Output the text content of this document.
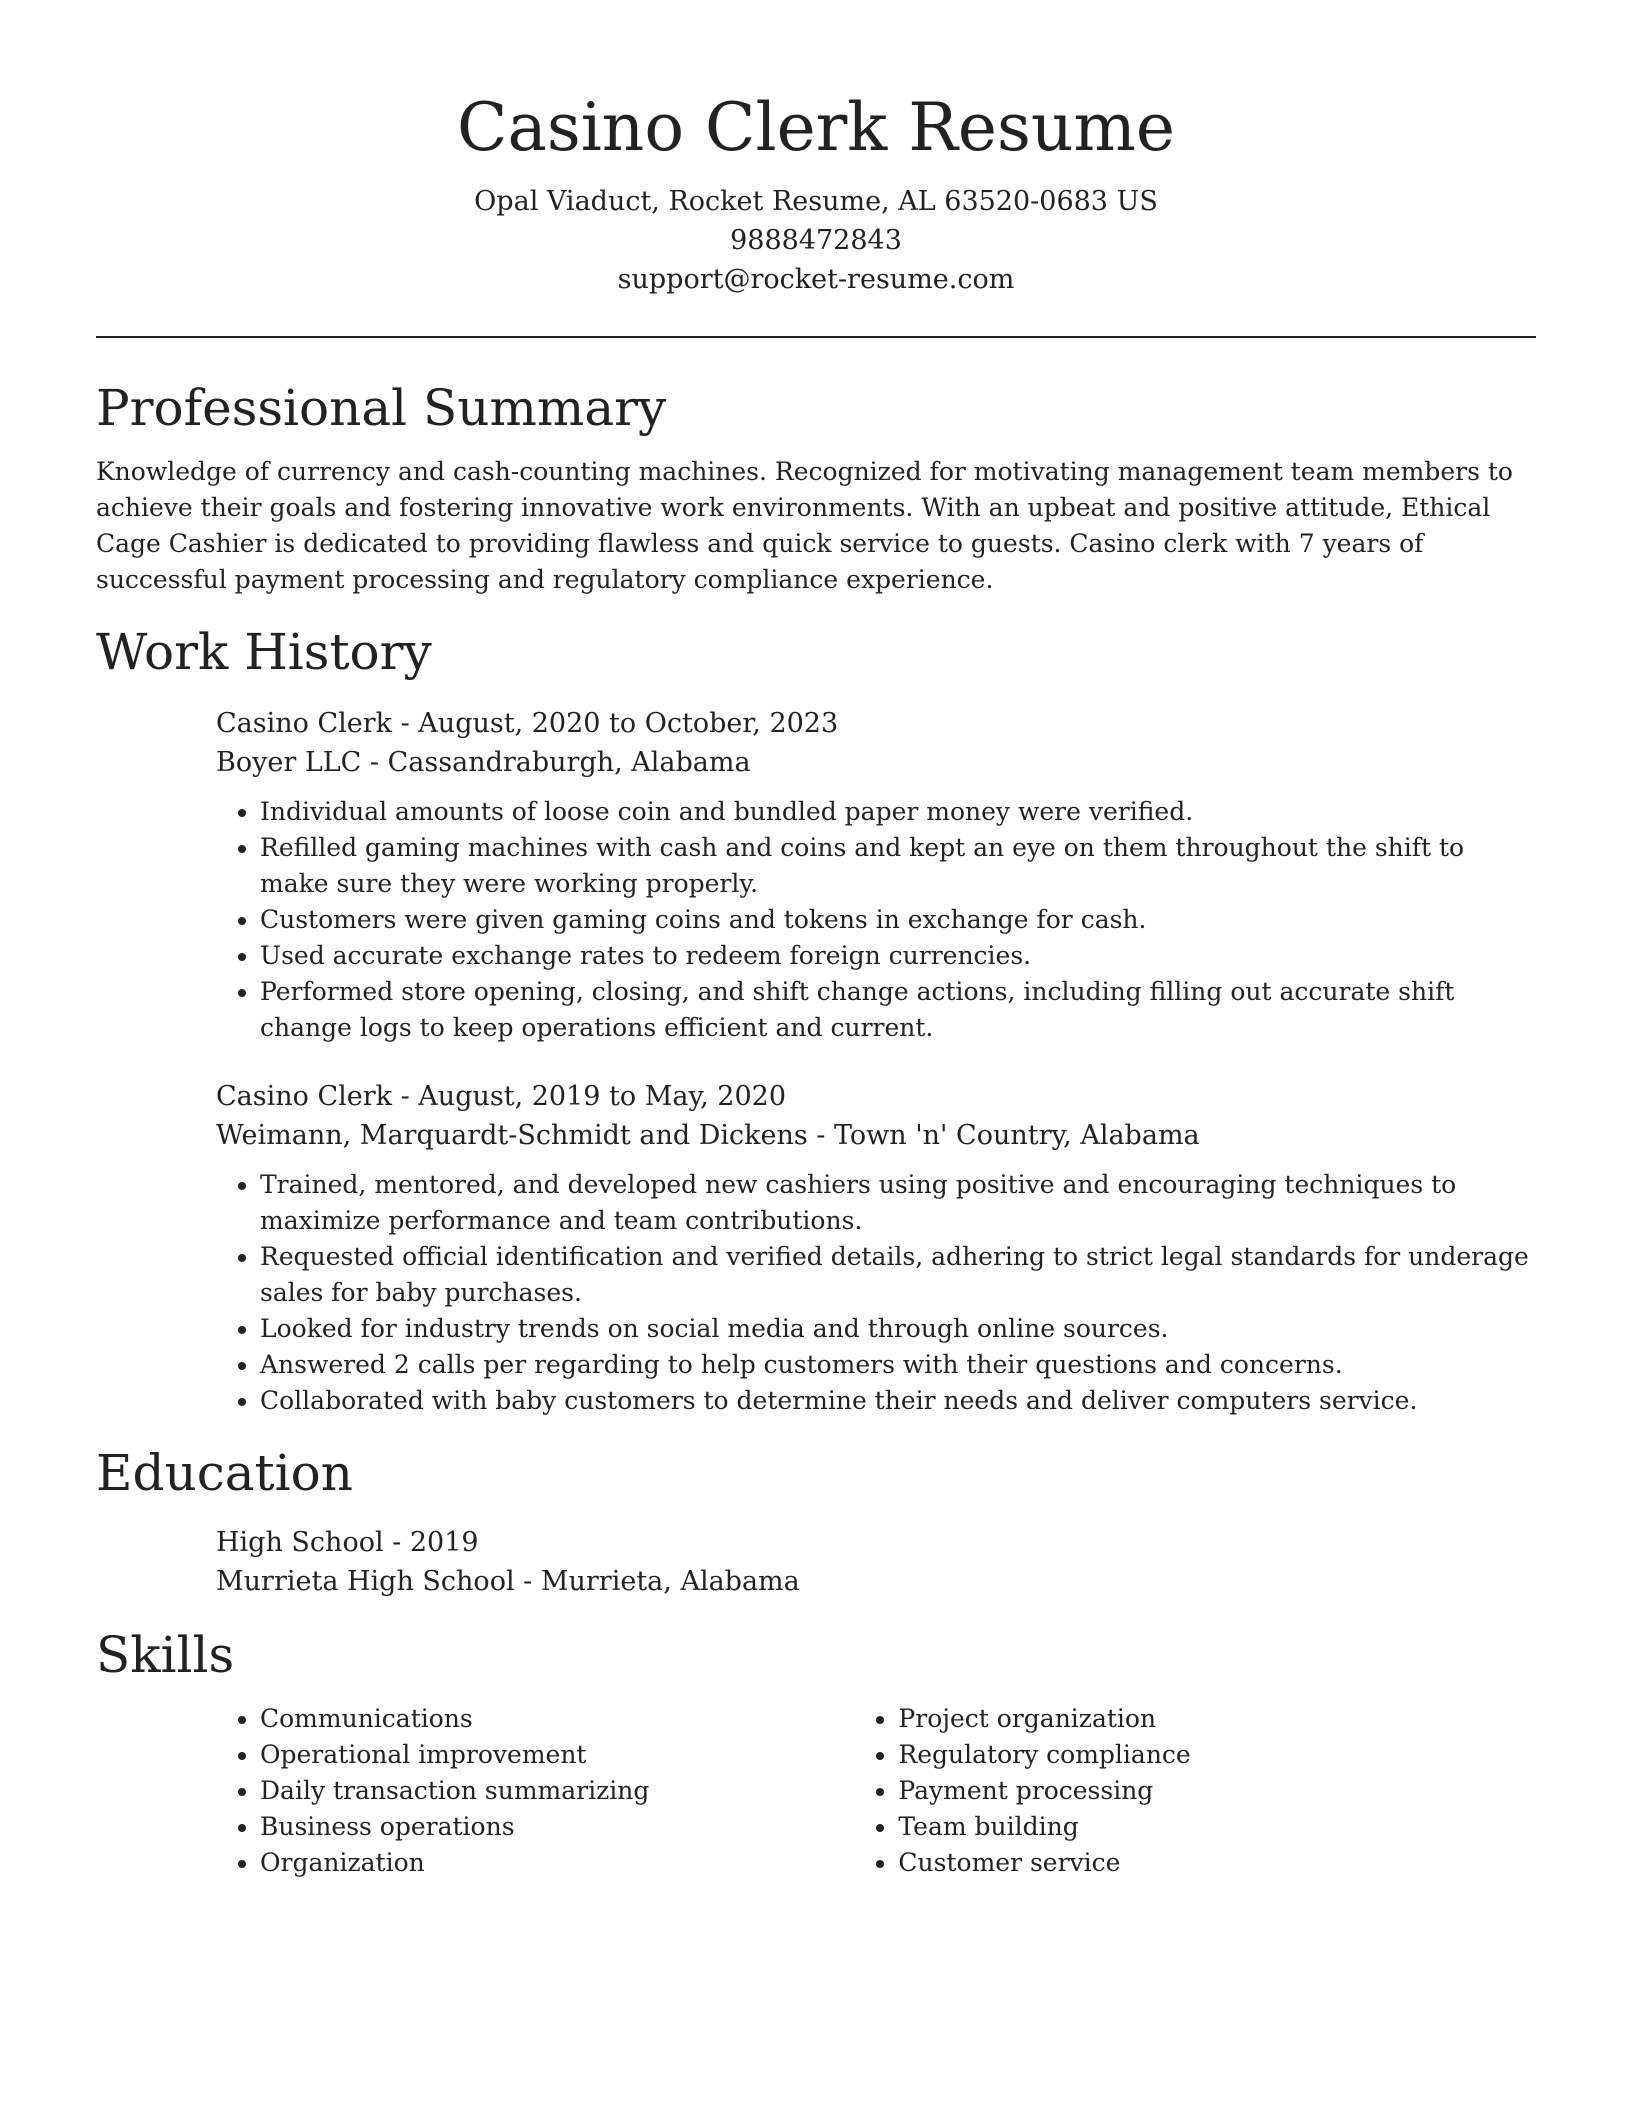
Casino Clerk Resume
Opal Viaduct, Rocket Resume, AL 63520-0683 US
9888472843
support@rocket-resume.com
Professional Summary

Knowledge of currency and cash-counting machines. Recognized for motivating management team members to achieve their goals and fostering innovative work environments. With an upbeat and positive attitude, Ethical Cage Cashier is dedicated to providing flawless and quick service to guests. Casino clerk with 7 years of successful payment processing and regulatory compliance experience.

Work History
Casino Clerk - August, 2020 to October, 2023
Boyer LLC - Cassandraburgh, Alabama
• Individual amounts of loose coin and bundled paper money were verified.
• Refilled gaming machines with cash and coins and kept an eye on them throughout the shift to make sure they were working properly.
• Customers were given gaming coins and tokens in exchange for cash.
• Used accurate exchange rates to redeem foreign currencies.
• Performed store opening, closing, and shift change actions, including filling out accurate shift change logs to keep operations efficient and current.
Casino Clerk - August, 2019 to May, 2020
Weimann, Marquardt-Schmidt and Dickens - Town 'n' Country, Alabama
• Trained, mentored, and developed new cashiers using positive and encouraging techniques to maximize performance and team contributions.
• Requested official identification and verified details, adhering to strict legal standards for underage sales for baby purchases.
• Looked for industry trends on social media and through online sources.
• Answered 2 calls per regarding to help customers with their questions and concerns.
• Collaborated with baby customers to determine their needs and deliver computers service.
Education
High School - 2019
Murrieta High School - Murrieta, Alabama
Skills
• Communications
• Operational improvement
• Daily transaction summarizing
• Business operations
• Organization
• Project organization
• Regulatory compliance
• Payment processing
• Team building
• Customer service
